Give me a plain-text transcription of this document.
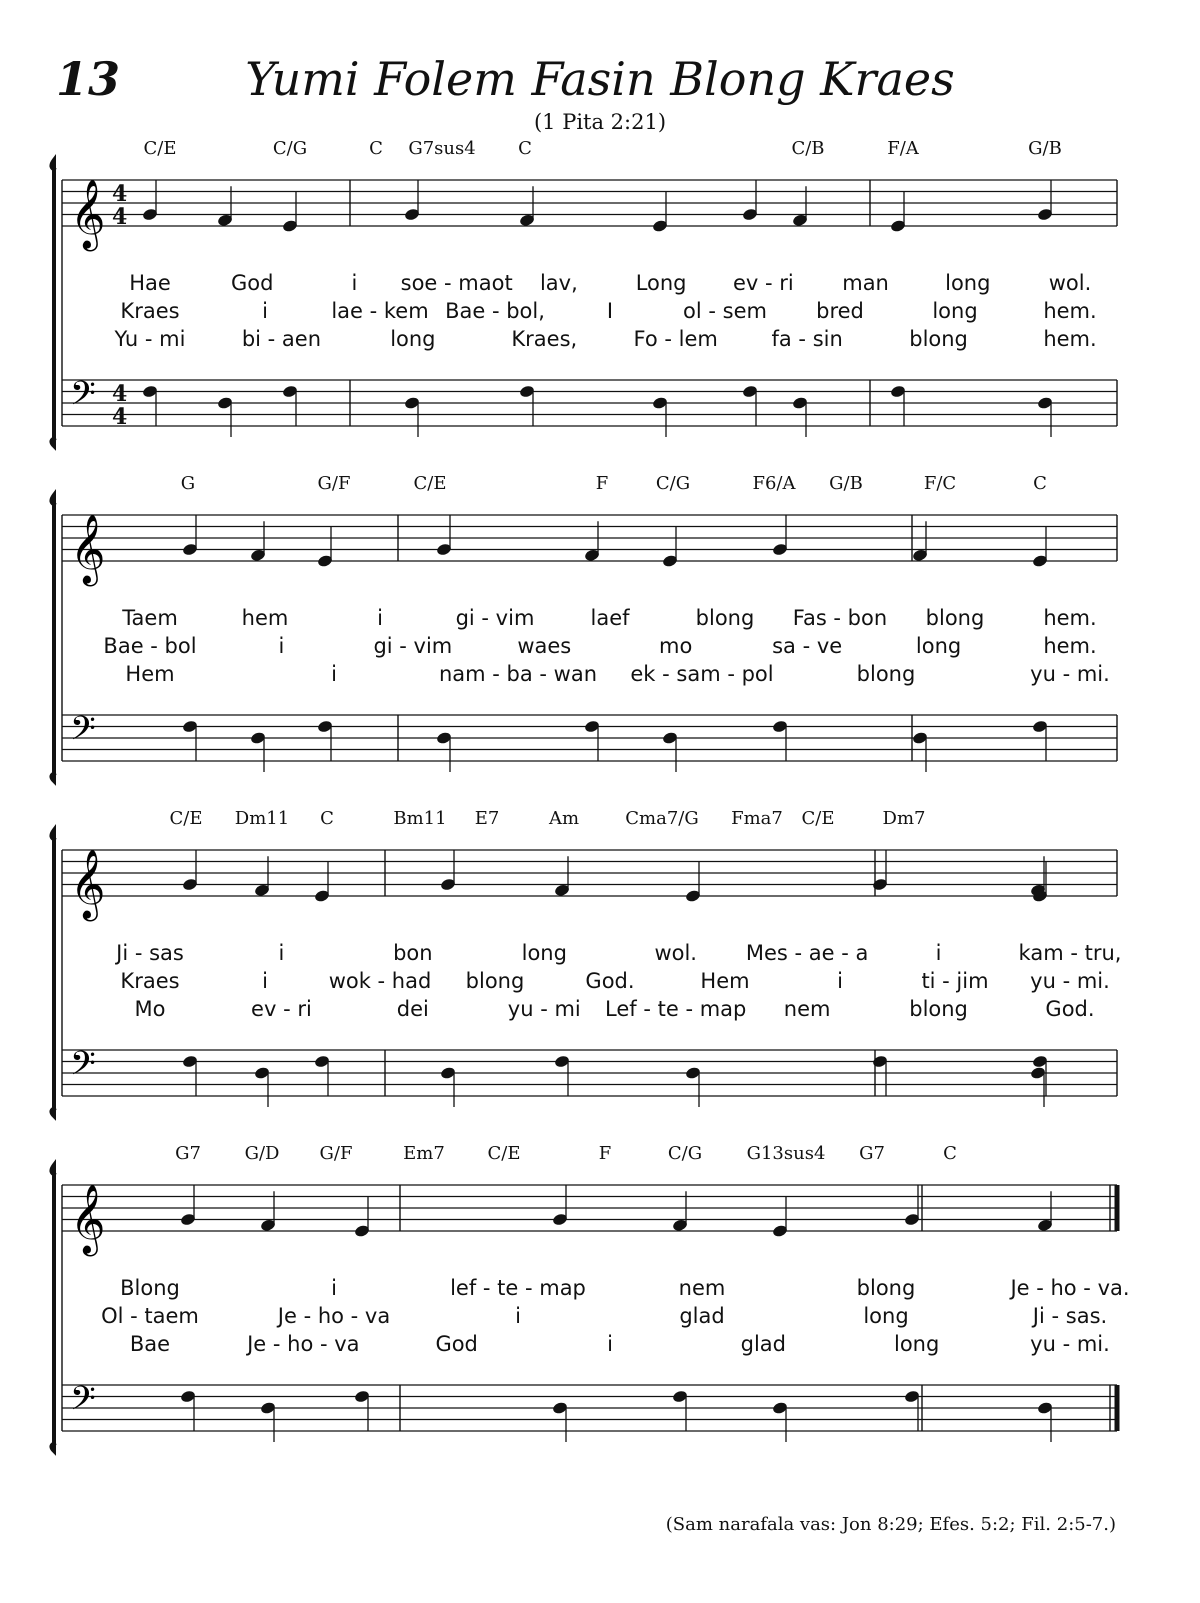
13	Yumi Folem Fasin Blong Kraes
(1 Pita 2:21)
(Sam narafala vas: Jon 8:29; Efes. 5:2; Fil. 2:5-7.)
𝄞 4
4
𝄢 4
4
C/E	C/G	C G7sus4 C	C/B	F/A	G/B
Hae	God	i soe - maot lav,	Long ev - ri man	long	wol.
Kraes	i	lae - kem Bae - bol,	I	ol - sem bred	long	hem.
Yu - mi	bi - aen	long	Kraes,	Fo - lem	fa - sin	blong	hem.
𝄞
𝄢
G	G/F	C/E	F	C/G	F6/A G/B	F/C	C
Taem	hem	i	gi - vim	laef	blong Fas - bon blong	hem.
Bae - bol	i	gi - vim	waes	mo	sa - ve	long	hem.
Hem	i	nam - ba - wan ek - sam - pol	blong	yu - mi.
𝄞
𝄢
C/E Dm11 C	Bm11 E7	Am	Cma7/G Fma7 C/E	Dm7
Ji - sas	i	bon	long	wol. Mes - ae - a	i	kam - tru,
Kraes	i	wok - had blong	God.	Hem	i	ti - jim yu - mi.
Mo	ev - ri	dei	yu - mi Lef - te - map nem	blong	God.
𝄞
𝄢
G7 G/D G/F	Em7 C/E	F	C/G G13sus4 G7	C
Blong	i	lef - te - map	nem	blong	Je - ho - va.
Ol - taem	Je - ho - va	i	glad	long	Ji - sas.
Bae	Je - ho - va	God	i	glad	long	yu - mi.
